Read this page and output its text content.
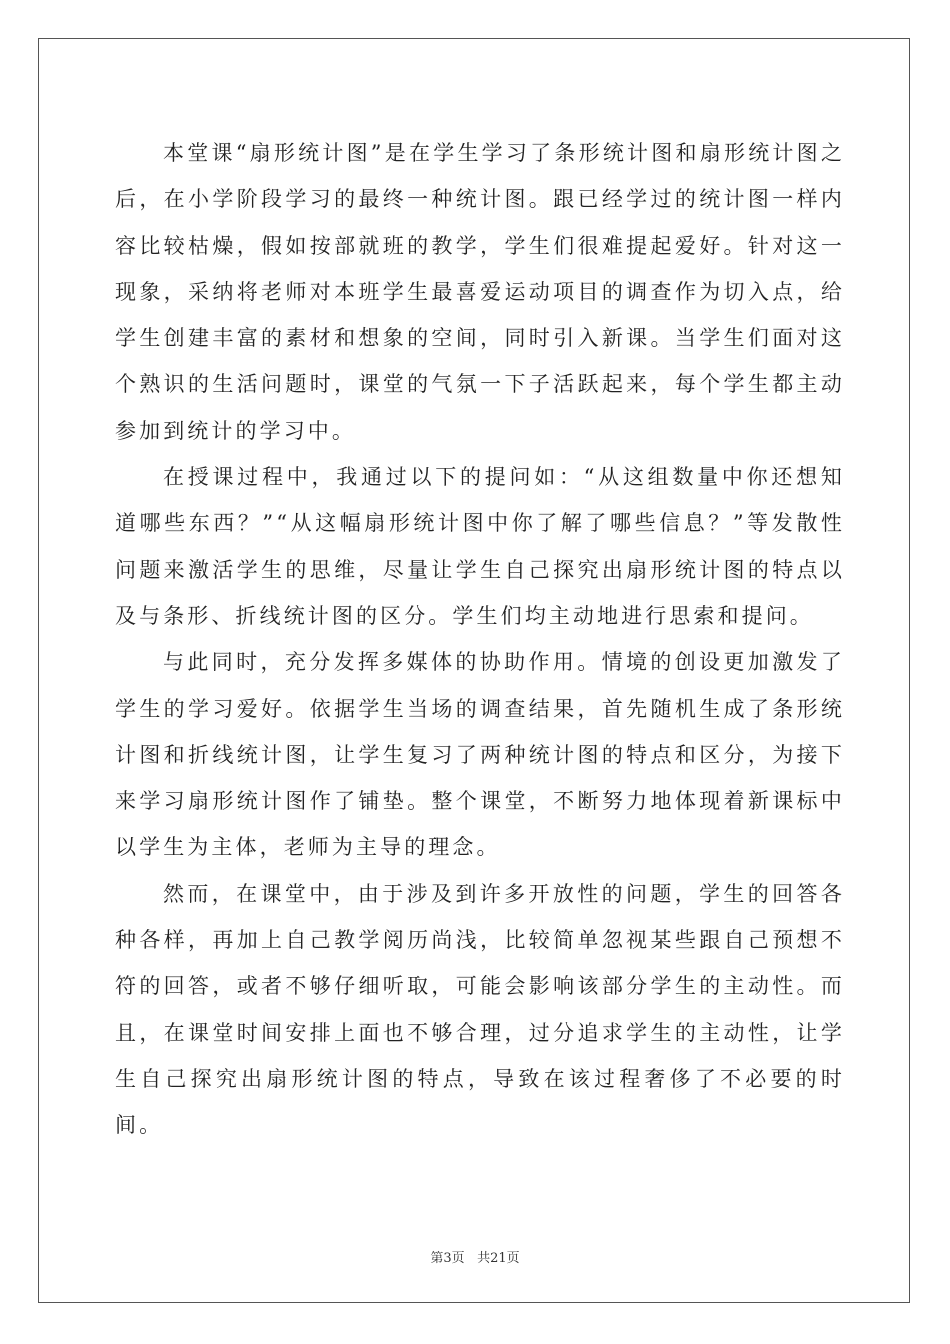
本堂课“扇形统计图”是在学生学习了条形统计图和扇形统计图之后，在小学阶段学习的最终一种统计图。跟已经学过的统计图一样内容比较枯燥，假如按部就班的教学，学生们很难提起爱好。针对这一现象，采纳将老师对本班学生最喜爱运动项目的调查作为切入点，给学生创建丰富的素材和想象的空间，同时引入新课。当学生们面对这个熟识的生活问题时，课堂的气氛一下子活跃起来，每个学生都主动参加到统计的学习中。

在授课过程中，我通过以下的提问如：“从这组数量中你还想知道哪些东西？”“从这幅扇形统计图中你了解了哪些信息？”等发散性问题来激活学生的思维，尽量让学生自己探究出扇形统计图的特点以及与条形、折线统计图的区分。学生们均主动地进行思索和提问。

与此同时，充分发挥多媒体的协助作用。情境的创设更加激发了学生的学习爱好。依据学生当场的调查结果，首先随机生成了条形统计图和折线统计图，让学生复习了两种统计图的特点和区分，为接下来学习扇形统计图作了铺垫。整个课堂，不断努力地体现着新课标中以学生为主体，老师为主导的理念。

然而，在课堂中，由于涉及到许多开放性的问题，学生的回答各种各样，再加上自己教学阅历尚浅，比较简单忽视某些跟自己预想不符的回答，或者不够仔细听取，可能会影响该部分学生的主动性。而且，在课堂时间安排上面也不够合理，过分追求学生的主动性，让学生自己探究出扇形统计图的特点，导致在该过程奢侈了不必要的时间。

第3页 共21页
